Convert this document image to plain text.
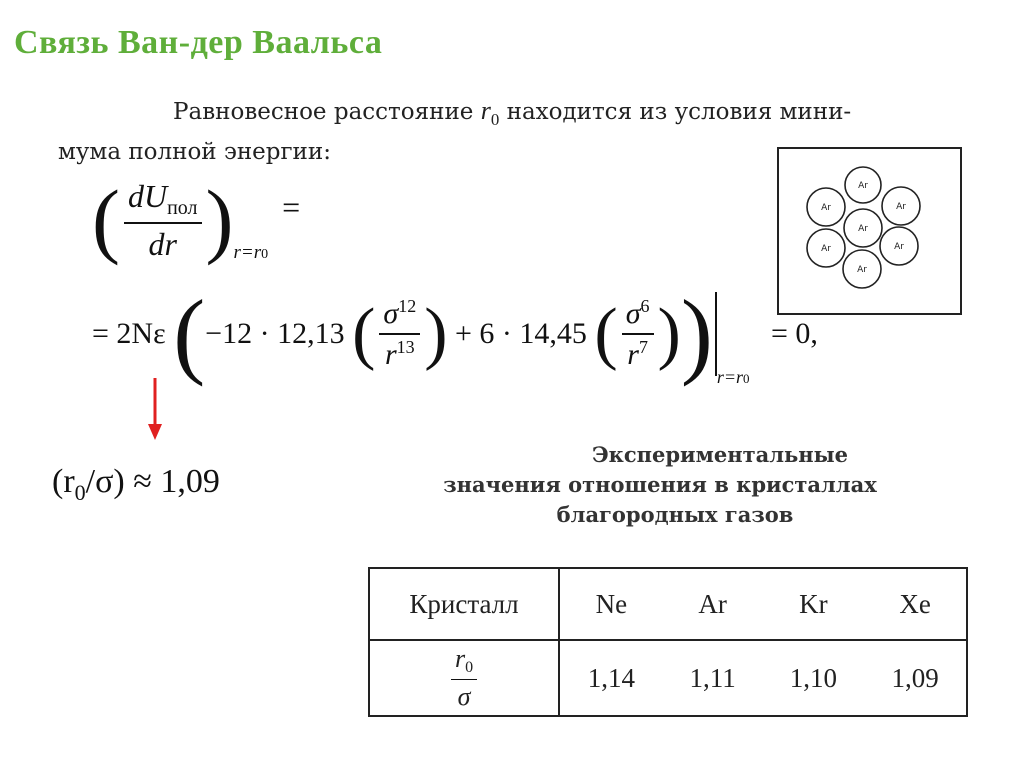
Связь Ван-дер Ваальса
Равновесное расстояние $r_0$ находится из условия мини-
мума полной энергии:
( $\frac{dU_{пол}}{dr} )_{r=r0}$ =
= 2Nε (−12 · 12,13 ( $\frac{\sigma^{12}}{r^{13}}$ ) + 6 · 14,45 ( $\frac{\sigma^6}{r^7}$ )) $_{r=r0}$ = 0,
$(r_0/\sigma) \approx 1,09$
Ar
Ar	Ar
Ar
Ar	Ar
Ar
Экспериментальные
значения отношения в кристаллах
благородных газов
Кристалл	Ne	Ar	Kr	Xe

$\frac{r0}{\sigma}$	1,14	1,11	1,10	1,09
